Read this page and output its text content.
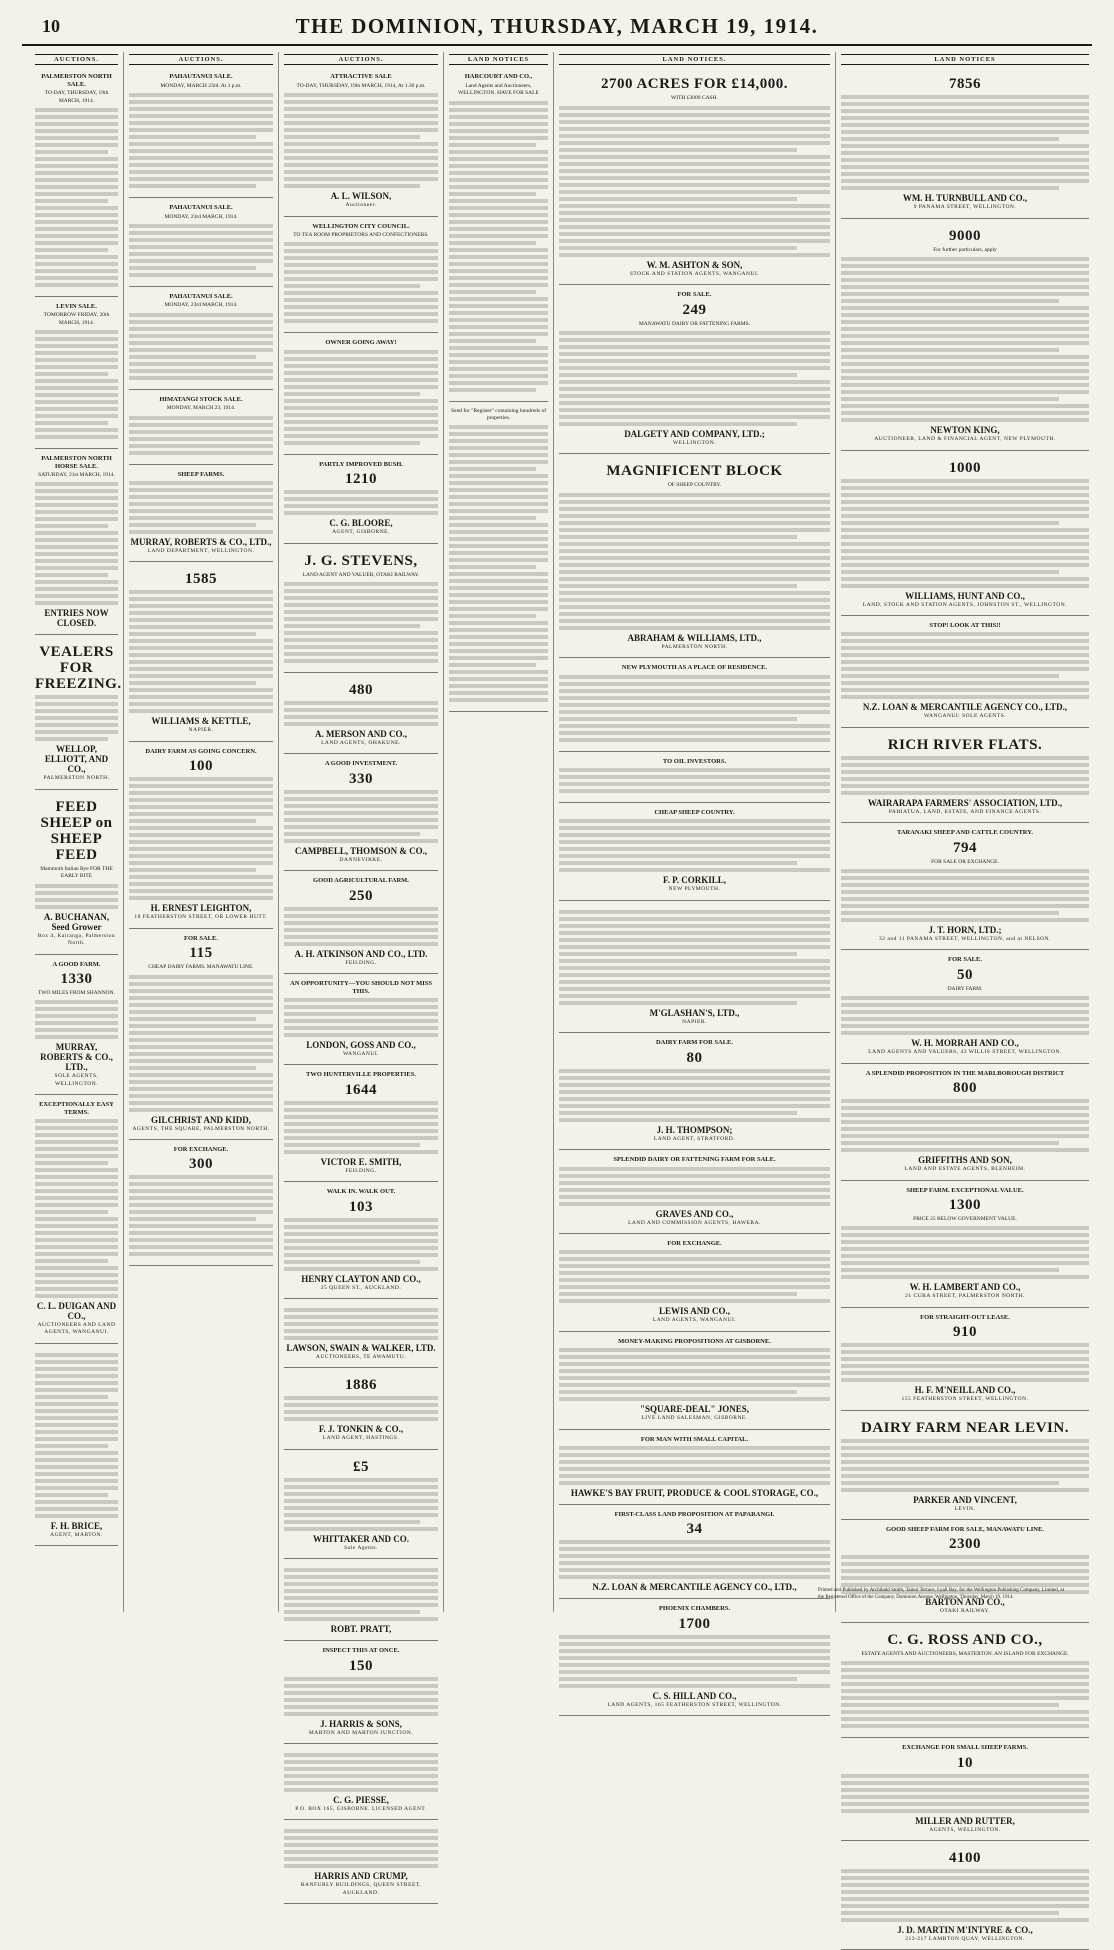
10	THE DOMINION, THURSDAY, MARCH 19, 1914.
AUCTIONS.
PALMERSTON NORTH SALE.
TO-DAY, THURSDAY, 19th MARCH, 1914.
LEVIN SALE.
TOMORROW FRIDAY, 20th MARCH, 1914.
PALMERSTON NORTH HORSE SALE.
SATURDAY, 21st MARCH, 1914.
ENTRIES NOW CLOSED.
VEALERS FOR FREEZING.
WELLOP, ELLIOTT, AND CO.,
PALMERSTON NORTH.
FEED SHEEP on SHEEP FEED
Mammoth Italian Rye FOR THE EARLY BITE
A. BUCHANAN, Seed Grower
Box 4, Kairanga, Palmerston North.
A GOOD FARM.
1330
TWO MILES FROM SHANNON.
MURRAY, ROBERTS & CO., LTD.,
SOLE AGENTS, WELLINGTON.
EXCEPTIONALLY EASY TERMS.
C. L. DUIGAN AND CO.,
AUCTIONEERS AND LAND AGENTS, WANGANUI.
F. H. BRICE,
AGENT, MARTON.
AUCTIONS.
PAHAUTANUI SALE.
MONDAY, MARCH 23rd. At 1 p.m.
PAHAUTANUI SALE.
MONDAY, 23rd MARCH, 1914.
PAHAUTANUI SALE.
MONDAY, 23rd MARCH, 1914.
HIMATANGI STOCK SALE.
MONDAY, MARCH 23, 1914.
SHEEP FARMS.
MURRAY, ROBERTS & CO., LTD.,
LAND DEPARTMENT, WELLINGTON.
1585
WILLIAMS & KETTLE,
NAPIER.
DAIRY FARM AS GOING CONCERN.
100
H. ERNEST LEIGHTON,
18 FEATHERSTON STREET, OR LOWER HUTT.
FOR SALE.
115
CHEAP DAIRY FARMS. MANAWATU LINE.
GILCHRIST AND KIDD,
AGENTS, THE SQUARE, PALMERSTON NORTH.
FOR EXCHANGE.
300
AUCTIONS.
ATTRACTIVE SALE
TO-DAY, THURSDAY, 19th MARCH, 1914, At 1.30 p.m.
A. L. WILSON,
Auctioneer.
WELLINGTON CITY COUNCIL.
TO TEA ROOM PROPRIETORS AND CONFECTIONERS.
OWNER GOING AWAY!
PARTLY IMPROVED BUSH.
1210
C. G. BLOORE,
AGENT, GISBORNE.
J. G. STEVENS,
LAND AGENT AND VALUER, OTAKI RAILWAY.
480
A. MERSON AND CO.,
LAND AGENTS, OHAKUNE.
A GOOD INVESTMENT.
330
CAMPBELL, THOMSON & CO.,
DANNEVIRKE.
GOOD AGRICULTURAL FARM.
250
A. H. ATKINSON AND CO., LTD.
FEILDING.
AN OPPORTUNITY—YOU SHOULD NOT MISS THIS.
LONDON, GOSS AND CO.,
WANGANUI.
TWO HUNTERVILLE PROPERTIES.
1644
VICTOR E. SMITH,
FEILDING.
WALK IN. WALK OUT.
103
HENRY CLAYTON AND CO.,
25 QUEEN ST., AUCKLAND.
LAWSON, SWAIN & WALKER, LTD.
AUCTIONEERS, TE AWAMUTU.
1886
F. J. TONKIN & CO.,
LAND AGENT, HASTINGS.
£5
WHITTAKER AND CO.
Sole Agents.
ROBT. PRATT,
INSPECT THIS AT ONCE.
150
J. HARRIS & SONS,
MARTON AND MARTON JUNCTION.
C. G. PIESSE,
P.O. BOX 165, GISBORNE. LICENSED AGENT.
HARRIS AND CRUMP,
RANFURLY BUILDINGS, QUEEN STREET, AUCKLAND.
LAND NOTICES
HARCOURT AND CO.,
Land Agents and Auctioneers, WELLINGTON. HAVE FOR SALE
Send for "Register" containing hundreds of properties.
LAND NOTICES.
2700 ACRES FOR £14,000.
WITH £3000 CASH.
W. M. ASHTON & SON,
STOCK AND STATION AGENTS, WANGANUI.
FOR SALE.
249
MANAWATU DAIRY OR FATTENING FARMS.
DALGETY AND COMPANY, LTD.;
WELLINGTON.
MAGNIFICENT BLOCK
OF SHEEP COUNTRY.
ABRAHAM & WILLIAMS, LTD.,
PALMERSTON NORTH.
NEW PLYMOUTH AS A PLACE OF RESIDENCE.
TO OIL INVESTORS.
CHEAP SHEEP COUNTRY.
F. P. CORKILL,
NEW PLYMOUTH.
M'GLASHAN'S, LTD.,
NAPIER.
DAIRY FARM FOR SALE.
80
J. H. THOMPSON;
LAND AGENT, STRATFORD.
SPLENDID DAIRY OR FATTENING FARM FOR SALE.
GRAVES AND CO.,
LAND AND COMMISSION AGENTS, HAWERA.
FOR EXCHANGE.
LEWIS AND CO.,
LAND AGENTS, WANGANUI.
MONEY-MAKING PROPOSITIONS AT GISBORNE.
"SQUARE-DEAL" JONES,
LIVE LAND SALESMAN, GISBORNE.
FOR MAN WITH SMALL CAPITAL.
HAWKE'S BAY FRUIT, PRODUCE & COOL STORAGE, CO.,
FIRST-CLASS LAND PROPOSITION AT PAPARANGI.
34
N.Z. LOAN & MERCANTILE AGENCY CO., LTD.,
PHOENIX CHAMBERS.
1700
C. S. HILL AND CO.,
LAND AGENTS, 165 FEATHERSTON STREET, WELLINGTON.
LAND NOTICES
7856
WM. H. TURNBULL AND CO.,
9 PANAMA STREET, WELLINGTON.
9000
For further particulars, apply
NEWTON KING,
AUCTIONEER, LAND & FINANCIAL AGENT, NEW PLYMOUTH.
1000
WILLIAMS, HUNT AND CO.,
LAND, STOCK AND STATION AGENTS, JOHNSTON ST., WELLINGTON.
STOP! LOOK AT THIS!!
N.Z. LOAN & MERCANTILE AGENCY CO., LTD.,
WANGANUI: SOLE AGENTS.
RICH RIVER FLATS.
WAIRARAPA FARMERS' ASSOCIATION, LTD.,
PAHIATUA, LAND, ESTATE, AND FINANCE AGENTS.
TARANAKI SHEEP AND CATTLE COUNTRY.
794
FOR SALE OR EXCHANGE.
J. T. HORN, LTD.;
32 and 11 PANAMA STREET, WELLINGTON, and at NELSON.
FOR SALE.
50
DAIRY FARM.
W. H. MORRAH AND CO.,
LAND AGENTS AND VALUERS, 43 WILLIS STREET, WELLINGTON.
A SPLENDID PROPOSITION IN THE MARLBOROUGH DISTRICT
800
GRIFFITHS AND SON,
LAND AND ESTATE AGENTS, BLENHEIM.
SHEEP FARM. EXCEPTIONAL VALUE.
1300
PRICE 25 BELOW GOVERNMENT VALUE.
W. H. LAMBERT AND CO.,
21 CUBA STREET, PALMERSTON NORTH.
FOR STRAIGHT-OUT LEASE.
910
H. F. M'NEILL AND CO.,
155 FEATHERSTON STREET, WELLINGTON.
DAIRY FARM NEAR LEVIN.
PARKER AND VINCENT,
LEVIN.
GOOD SHEEP FARM FOR SALE, MANAWATU LINE.
2300
BARTON AND CO.,
OTAKI RAILWAY.
C. G. ROSS AND CO.,
ESTATE AGENTS AND AUCTIONEERS, MASTERTON. AN ISLAND FOR EXCHANGE.
EXCHANGE FOR SMALL SHEEP FARMS.
10
MILLER AND RUTTER,
AGENTS, WELLINGTON.
4100
J. D. MARTIN M'INTYRE & CO.,
213-217 LAMBTON QUAY, WELLINGTON.
Printed and Published by Archibald Smith, Tainui Terrace, Lyall Bay, for the Wellington Publishing Company, Limited, at the Registered Office of the Company, Dominion Avenue, Wellington, Thursday, March 19, 1914.
